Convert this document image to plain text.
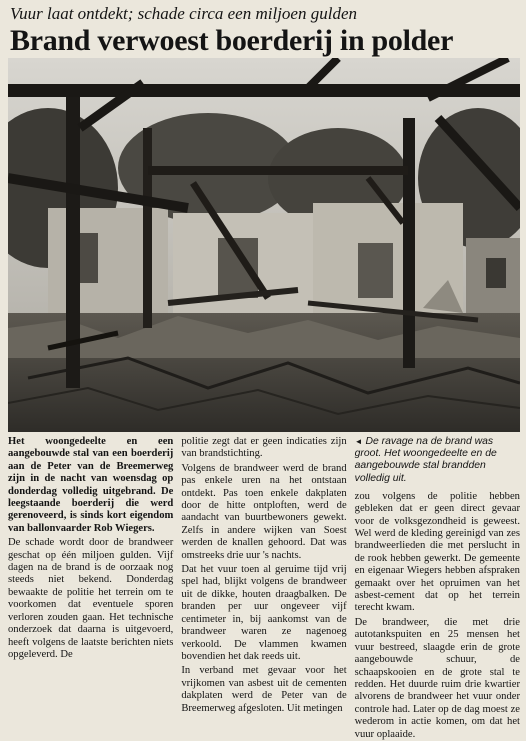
Vuur laat ontdekt; schade circa een miljoen gulden
Brand verwoest boerderij in polder

Het woongedeelte en een aangebouwde stal van een boerderij aan de Peter van de Breemerweg zijn in de nacht van woensdag op donderdag volledig uitgebrand. De leegstaande boerderij die werd gerenoveerd, is sinds kort eigendom van ballonvaarder Rob Wiegers.

De schade wordt door de brandweer geschat op één miljoen gulden. Vijf dagen na de brand is de oorzaak nog steeds niet bekend. Donderdag bewaakte de politie het terrein om te voorkomen dat eventuele sporen verloren zouden gaan. Het technische onderzoek dat daarna is uitgevoerd, heeft volgens de laatste berichten niets opgeleverd. De

politie zegt dat er geen indicaties zijn van brandstichting.

Volgens de brandweer werd de brand pas enkele uren na het ontstaan ontdekt. Pas toen enkele dakplaten door de hitte ontploften, werd de aandacht van buurtbewoners gewekt. Zelfs in andere wijken van Soest werden de knallen gehoord. Dat was omstreeks drie uur 's nachts.

Dat het vuur toen al geruime tijd vrij spel had, blijkt volgens de brandweer uit de dikke, houten draagbalken. De branden per uur ongeveer vijf centimeter in, bij aankomst van de brandweer waren ze nagenoeg verkoold. De vlammen kwamen bovendien het dak reeds uit.

In verband met gevaar voor het vrijkomen van asbest uit de cementen dakplaten werd de Peter van de Breemerweg afgesloten. Uit metingen

◄ De ravage na de brand was groot. Het woongedeelte en de aangebouwde stal brandden volledig uit.

zou volgens de politie hebben gebleken dat er geen direct gevaar voor de volksgezondheid is geweest. Wel werd de kleding gereinigd van zes brandweerlieden die met perslucht in de rook hebben gewerkt. De gemeente en eigenaar Wiegers hebben afspraken gemaakt over het opruimen van het asbest-cement dat op het terrein terecht kwam.

De brandweer, die met drie autotankspuiten en 25 mensen het vuur bestreed, slaagde erin de grote aangebouwde schuur, de schaapskooien en de grote stal te redden. Het duurde ruim drie kwartier alvorens de brandweer het vuur onder controle had. Later op de dag moest ze wederom in actie komen, om dat het vuur oplaaide.
